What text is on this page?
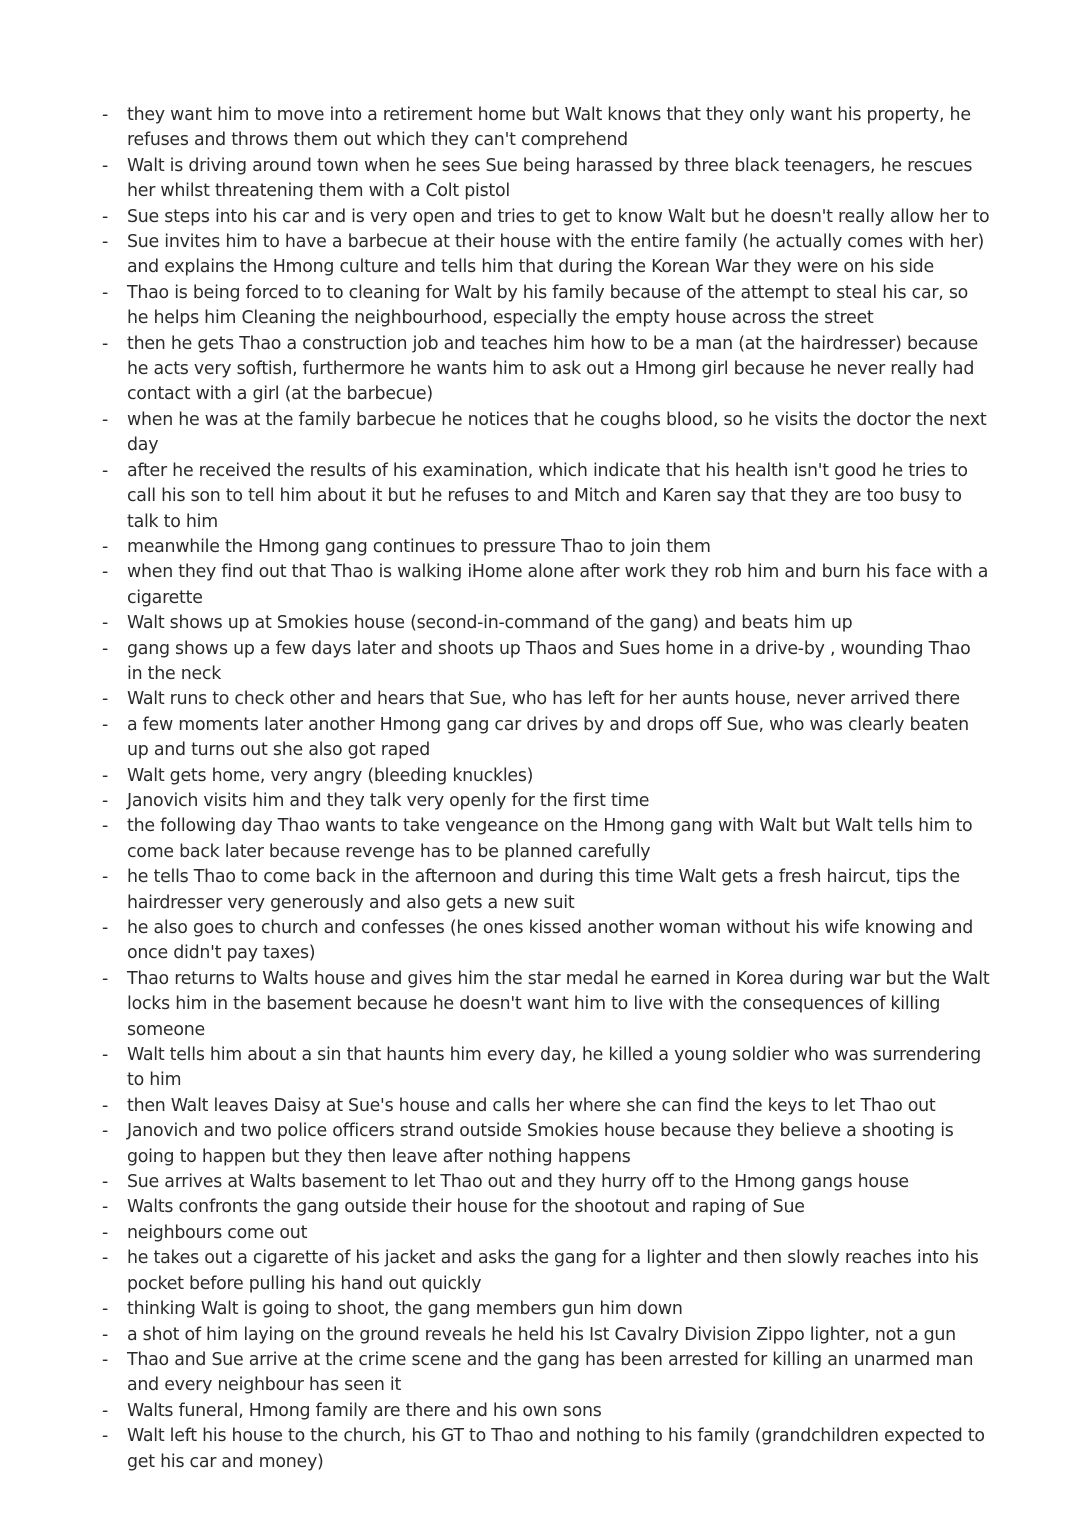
- they want him to move into a retirement home but Walt knows that they only want his property, he refuses and throws them out which they can't comprehend
- Walt is driving around town when he sees Sue being harassed by three black teenagers, he rescues her whilst threatening them with a Colt pistol
- Sue steps into his car and is very open and tries to get to know Walt but he doesn't really allow her to
- Sue invites him to have a barbecue at their house with the entire family (he actually comes with her) and explains the Hmong culture and tells him that during the Korean War they were on his side
- Thao is being forced to to cleaning for Walt by his family because of the attempt to steal his car, so he helps him Cleaning the neighbourhood, especially the empty house across the street
- then he gets Thao a construction job and teaches him how to be a man (at the hairdresser) because he acts very softish, furthermore he wants him to ask out a Hmong girl because he never really had contact with a girl (at the barbecue)
- when he was at the family barbecue he notices that he coughs blood, so he visits the doctor the next day
- after he received the results of his examination, which indicate that his health isn't good he tries to call his son to tell him about it but he refuses to and Mitch and Karen say that they are too busy to talk to him
- meanwhile the Hmong gang continues to pressure Thao to join them
- when they find out that Thao is walking iHome alone after work they rob him and burn his face with a cigarette
- Walt shows up at Smokies house (second-in-command of the gang) and beats him up
- gang shows up a few days later and shoots up Thaos and Sues home in a drive-by , wounding Thao in the neck
- Walt runs to check other and hears that Sue, who has left for her aunts house, never arrived there
- a few moments later another Hmong gang car drives by and drops off Sue, who was clearly beaten up and turns out she also got raped
- Walt gets home, very angry (bleeding knuckles)
- Janovich visits him and they talk very openly for the first time
- the following day Thao wants to take vengeance on the Hmong gang with Walt but Walt tells him to come back later because revenge has to be planned carefully
- he tells Thao to come back in the afternoon and during this time Walt gets a fresh haircut, tips the hairdresser very generously and also gets a new suit
- he also goes to church and confesses (he ones kissed another woman without his wife knowing and once didn't pay taxes)
- Thao returns to Walts house and gives him the star medal he earned in Korea during war but the Walt locks him in the basement because he doesn't want him to live with the consequences of killing someone
- Walt tells him about a sin that haunts him every day, he killed a young soldier who was surrendering to him
- then Walt leaves Daisy at Sue's house and calls her where she can find the keys to let Thao out
- Janovich and two police officers strand outside Smokies house because they believe a shooting is going to happen but they then leave after nothing happens
- Sue arrives at Walts basement to let Thao out and they hurry off to the Hmong gangs house
- Walts confronts the gang outside their house for the shootout and raping of Sue
- neighbours come out
- he takes out a cigarette of his jacket and asks the gang for a lighter and then slowly reaches into his pocket before pulling his hand out quickly
- thinking Walt is going to shoot, the gang members gun him down
- a shot of him laying on the ground reveals he held his Ist Cavalry Division Zippo lighter, not a gun
- Thao and Sue arrive at the crime scene and the gang has been arrested for killing an unarmed man and every neighbour has seen it
- Walts funeral, Hmong family are there and his own sons
- Walt left his house to the church, his GT to Thao and nothing to his family (grandchildren expected to get his car and money)
